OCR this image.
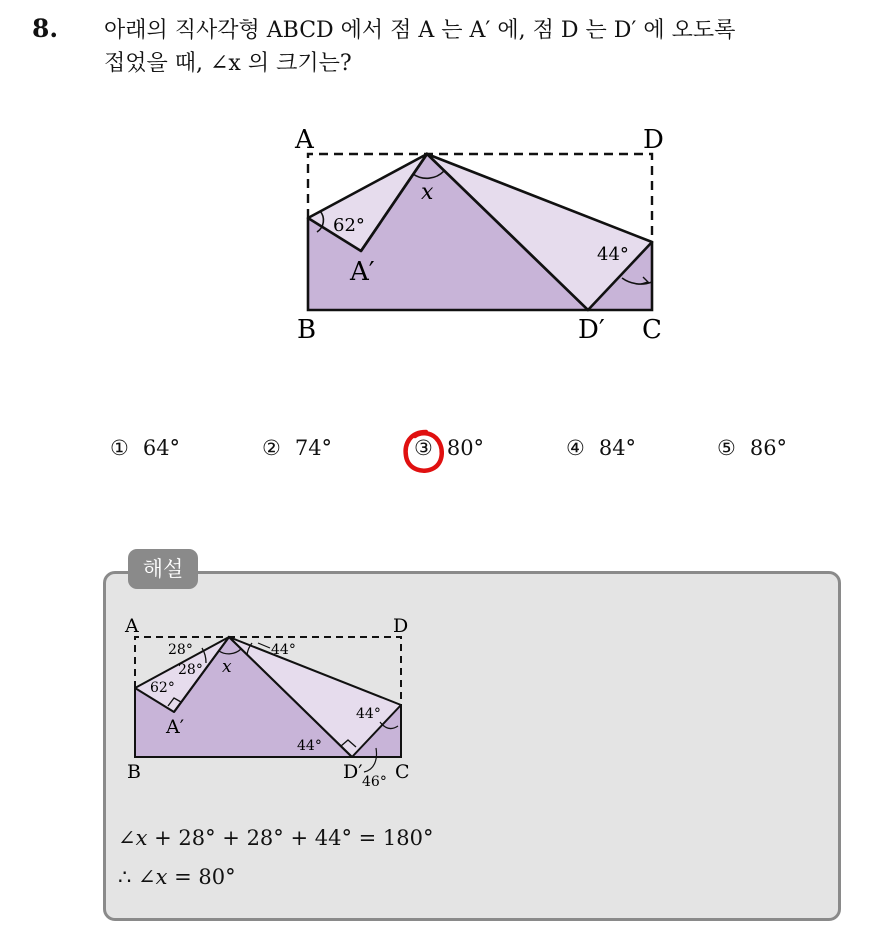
8. 아래의 직사각형 ABCD 에서 점 A 는 A′ 에, 점 D 는 D′ 에 오도록
접었을 때, ∠x 의 크기는?
A	D
B	C
A′
D′
x
62°
44°
① 64°	② 74°	③ 80°	④ 84°	⑤ 86°
해설
A	D
B	C
A′
D′
x
28°
28°
44°
62°
44°
44°
46°
∠x + 28° + 28° + 44° = 180°
∴ ∠x = 80°
